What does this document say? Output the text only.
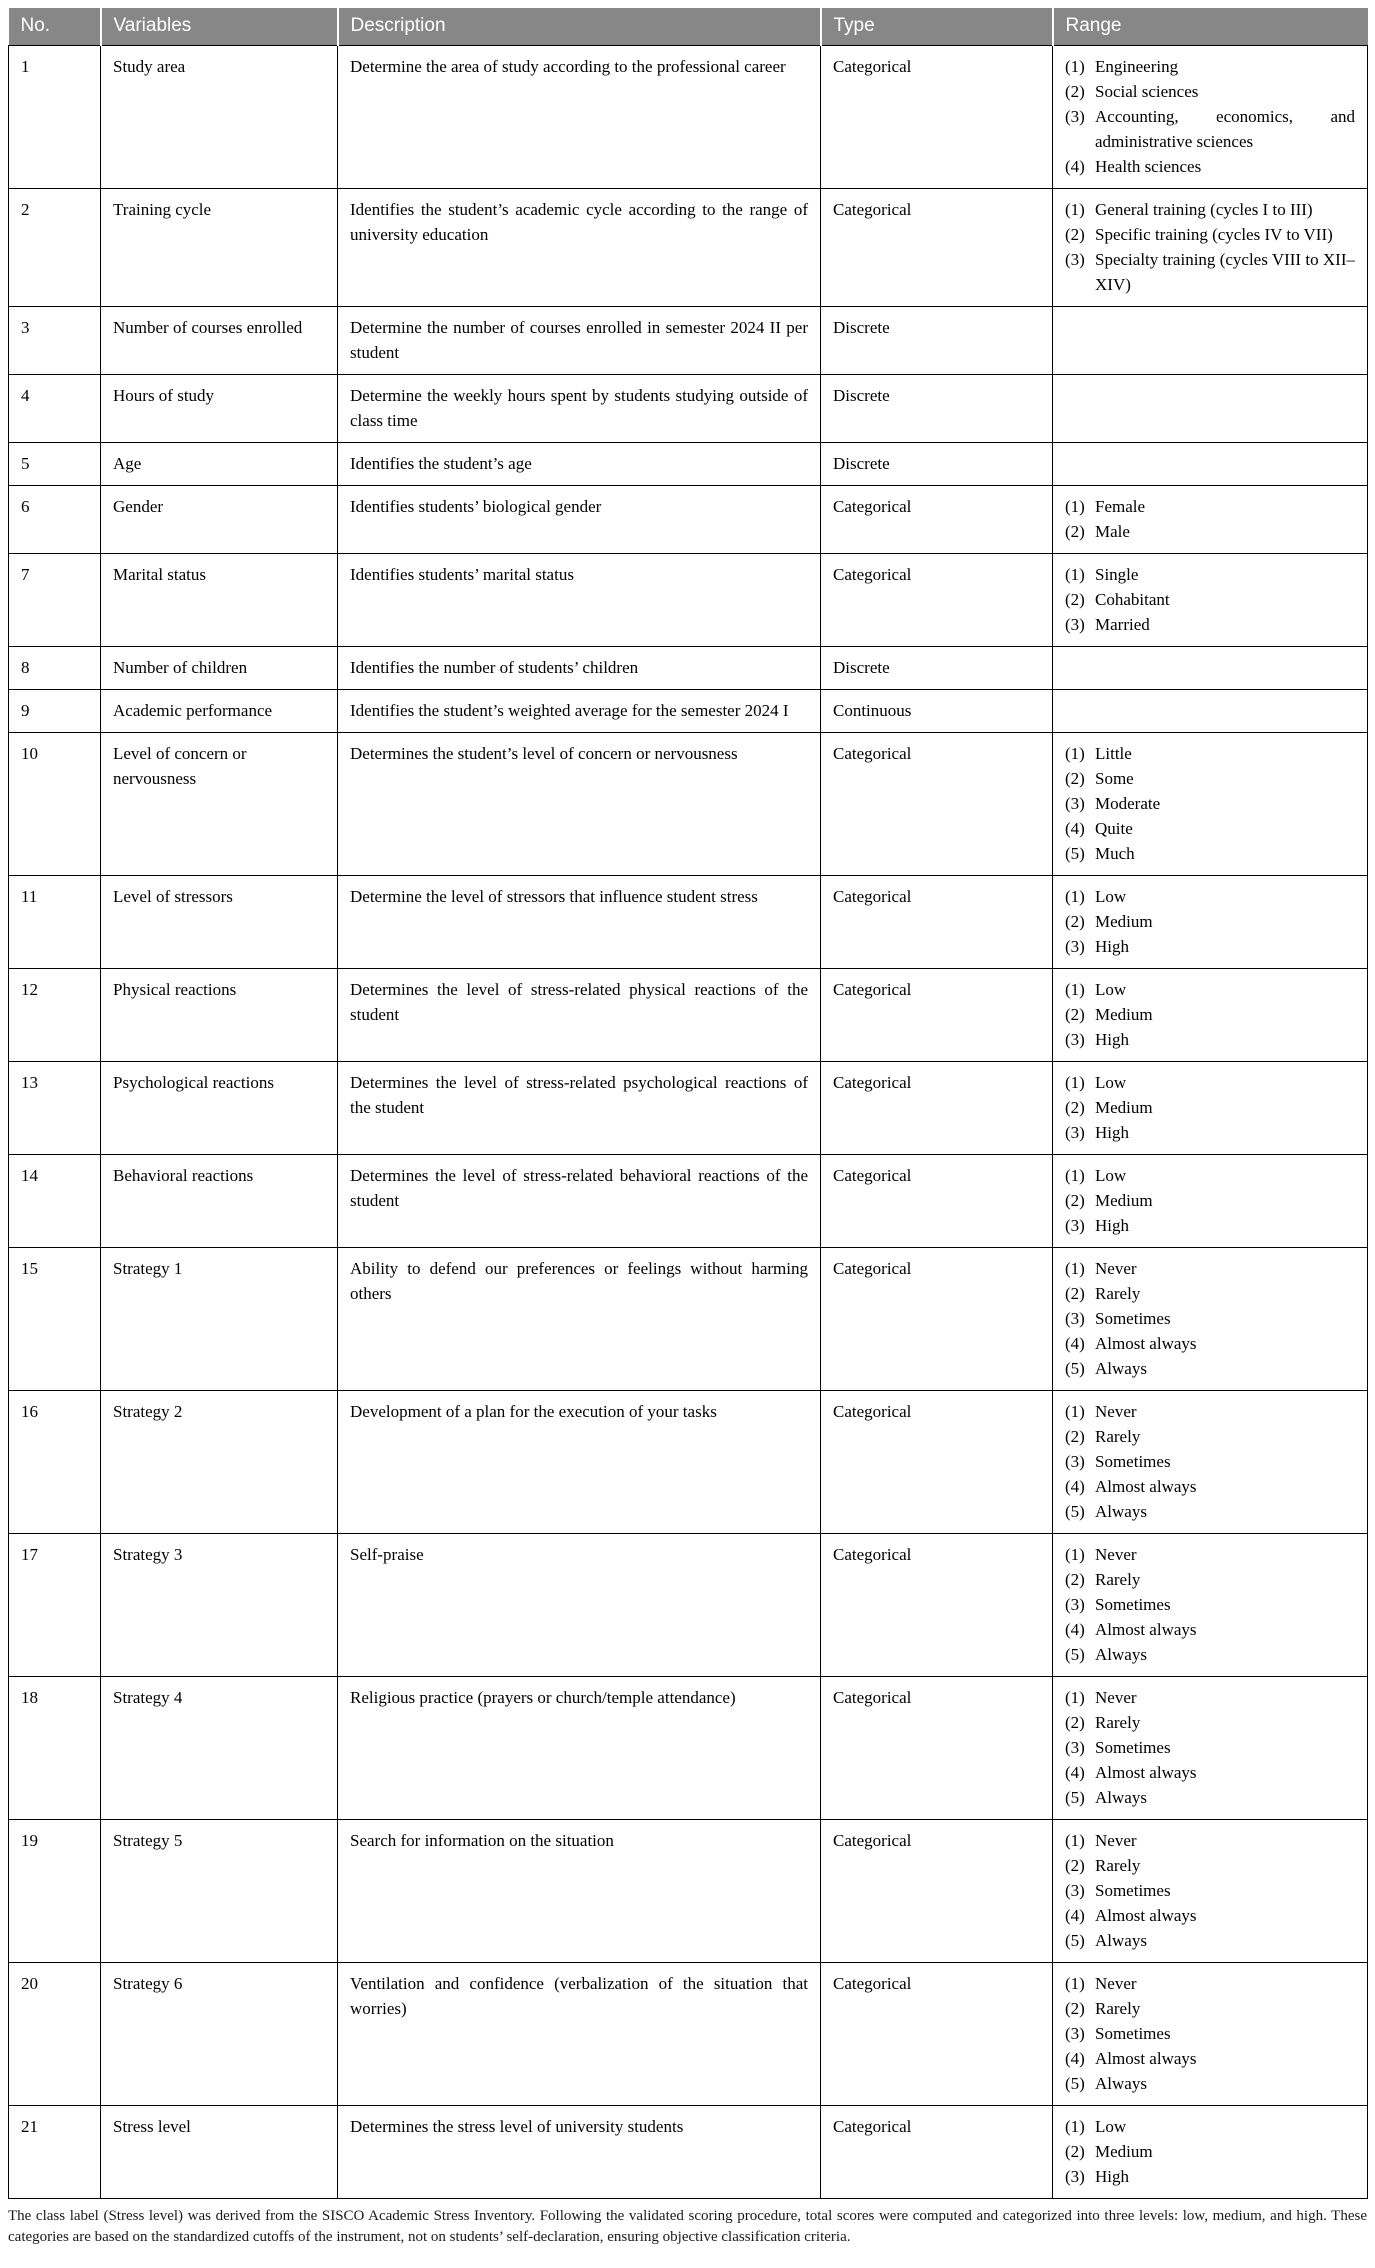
No.	Variables	Description	Type	Range
1	Study area	Determine the area of study according to the professional career	Categorical	(1) Engineering
(2) Social sciences
(3) Accounting, economics, and administrative sciences
(4) Health sciences

2	Training cycle	Identifies the student’s academic cycle according to the range of university education	Categorical	(1) General training (cycles I to III)
(2) Specific training (cycles IV to VII)
(3) Specialty training (cycles VIII to XII–XIV)

3	Number of courses enrolled	Determine the number of courses enrolled in semester 2024 II per student	Discrete	
4	Hours of study	Determine the weekly hours spent by students studying outside of class time	Discrete	
5	Age	Identifies the student’s age	Discrete	
6	Gender	Identifies students’ biological gender	Categorical	(1) Female
(2) Male

7	Marital status	Identifies students’ marital status	Categorical	(1) Single
(2) Cohabitant
(3) Married

8	Number of children	Identifies the number of students’ children	Discrete	
9	Academic performance	Identifies the student’s weighted average for the semester 2024 I	Continuous	
10	Level of concern or nervousness	Determines the student’s level of concern or nervousness	Categorical	(1) Little
(2) Some
(3) Moderate
(4) Quite
(5) Much

11	Level of stressors	Determine the level of stressors that influence student stress	Categorical	(1) Low
(2) Medium
(3) High

12	Physical reactions	Determines the level of stress-related physical reactions of the student	Categorical	(1) Low
(2) Medium
(3) High

13	Psychological reactions	Determines the level of stress-related psychological reactions of the student	Categorical	(1) Low
(2) Medium
(3) High

14	Behavioral reactions	Determines the level of stress-related behavioral reactions of the student	Categorical	(1) Low
(2) Medium
(3) High

15	Strategy 1	Ability to defend our preferences or feelings without harming others	Categorical	(1) Never
(2) Rarely
(3) Sometimes
(4) Almost always
(5) Always

16	Strategy 2	Development of a plan for the execution of your tasks	Categorical	(1) Never
(2) Rarely
(3) Sometimes
(4) Almost always
(5) Always

17	Strategy 3	Self-praise	Categorical	(1) Never
(2) Rarely
(3) Sometimes
(4) Almost always
(5) Always

18	Strategy 4	Religious practice (prayers or church/temple attendance)	Categorical	(1) Never
(2) Rarely
(3) Sometimes
(4) Almost always
(5) Always

19	Strategy 5	Search for information on the situation	Categorical	(1) Never
(2) Rarely
(3) Sometimes
(4) Almost always
(5) Always

20	Strategy 6	Ventilation and confidence (verbalization of the situation that worries)	Categorical	(1) Never
(2) Rarely
(3) Sometimes
(4) Almost always
(5) Always

21	Stress level	Determines the stress level of university students	Categorical	(1) Low
(2) Medium
(3) High

The class label (Stress level) was derived from the SISCO Academic Stress Inventory. Following the validated scoring procedure, total scores were computed and categorized into three levels: low, medium, and high. These categories are based on the standardized cutoffs of the instrument, not on students’ self-declaration, ensuring objective classification criteria.
